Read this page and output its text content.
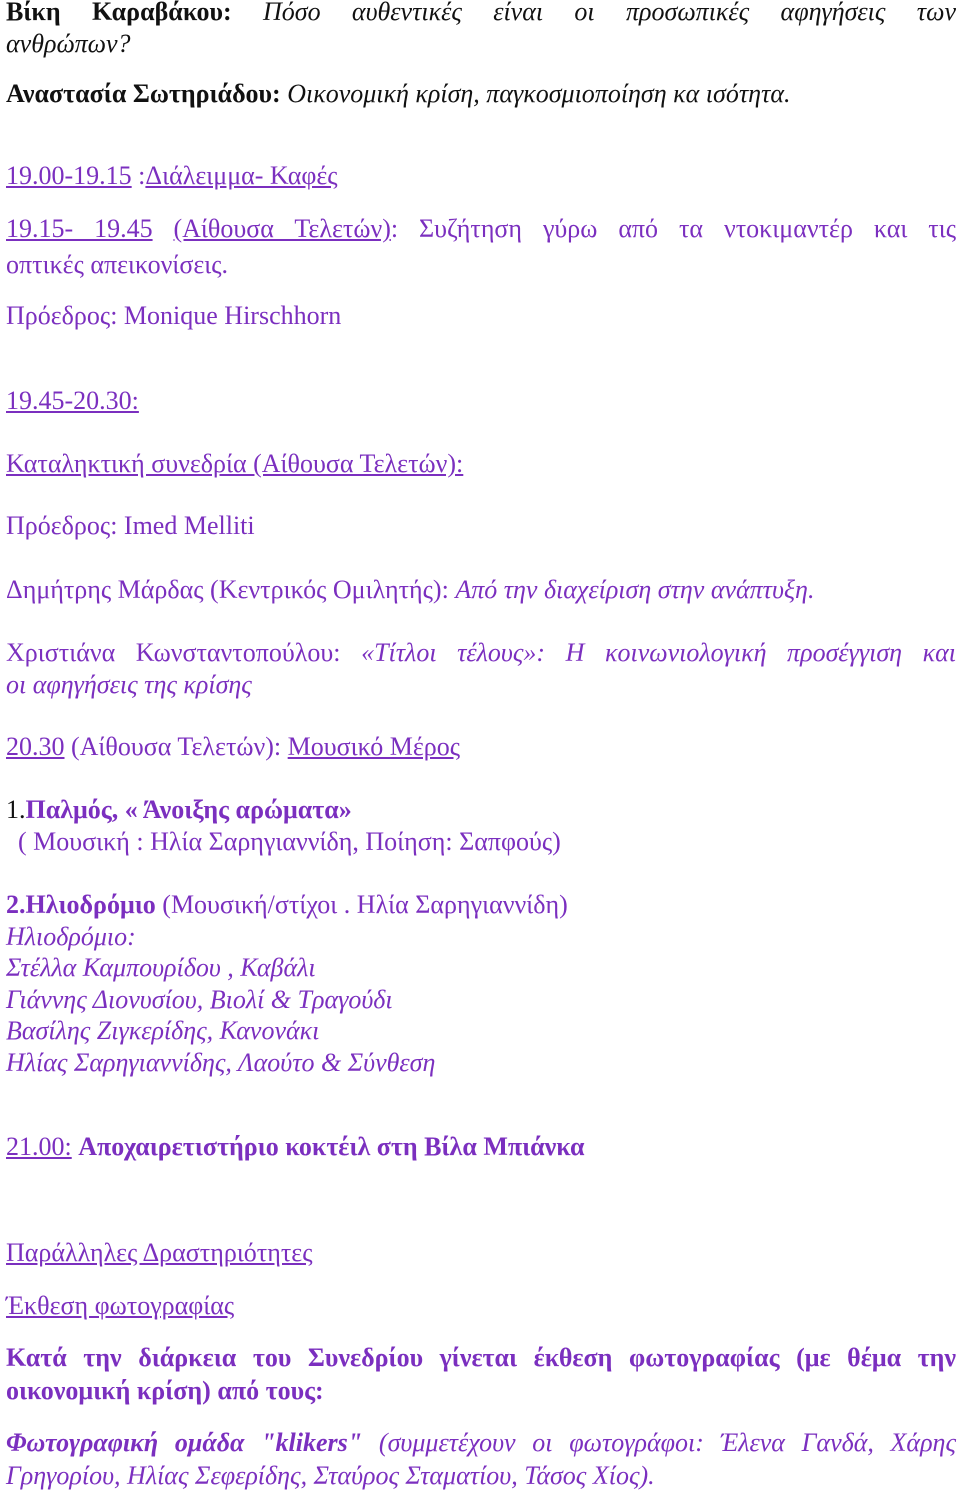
Βίκη Καραβάκου: Πόσο αυθεντικές είναι οι προσωπικές αφηγήσεις των
ανθρώπων?
Αναστασία Σωτηριάδου: Οικονομική κρίση, παγκοσμιοποίηση κα ισότητα.
19.00-19.15 :Διάλειμμα- Καφές
19.15- 19.45 (Αίθουσα Τελετών): Συζήτηση γύρω από τα ντοκιμαντέρ και τις
οπτικές απεικονίσεις.
Πρόεδρος: Monique Hirschhorn
19.45-20.30:
Καταληκτική συνεδρία (Αίθουσα Τελετών):
Πρόεδρος: Imed Melliti
Δημήτρης Μάρδας (Κεντρικός Ομιλητής): Από την διαχείριση στην ανάπτυξη.
Χριστιάνα Κωνσταντοπούλου: «Τίτλοι τέλους»: Η κοινωνιολογική προσέγγιση και
οι αφηγήσεις της κρίσης
20.30 (Αίθουσα Τελετών): Μουσικό Μέρος
1.Παλμός, « Άνοιξης αρώματα»
( Μουσική : Ηλία Σαρηγιαννίδη, Ποίηση: Σαπφούς)
2.Ηλιοδρόμιο (Μουσική/στίχοι . Ηλία Σαρηγιαννίδη)
Ηλιοδρόμιο:
Στέλλα Καμπουρίδου , Καβάλι
Γιάννης Διονυσίου, Βιολί & Τραγούδι
Βασίλης Ζιγκερίδης, Κανονάκι
Ηλίας Σαρηγιαννίδης, Λαούτο & Σύνθεση
21.00: Αποχαιρετιστήριο κοκτέιλ στη Βίλα Μπιάνκα
Παράλληλες Δραστηριότητες
Έκθεση φωτογραφίας
Κατά την διάρκεια του Συνεδρίου γίνεται έκθεση φωτογραφίας (με θέμα την
οικονομική κρίση) από τους:
Φωτογραφική ομάδα "klikers" (συμμετέχουν οι φωτογράφοι: Έλενα Γανδά, Χάρης
Γρηγορίου, Ηλίας Σεφερίδης, Σταύρος Σταματίου, Τάσος Χίος).
